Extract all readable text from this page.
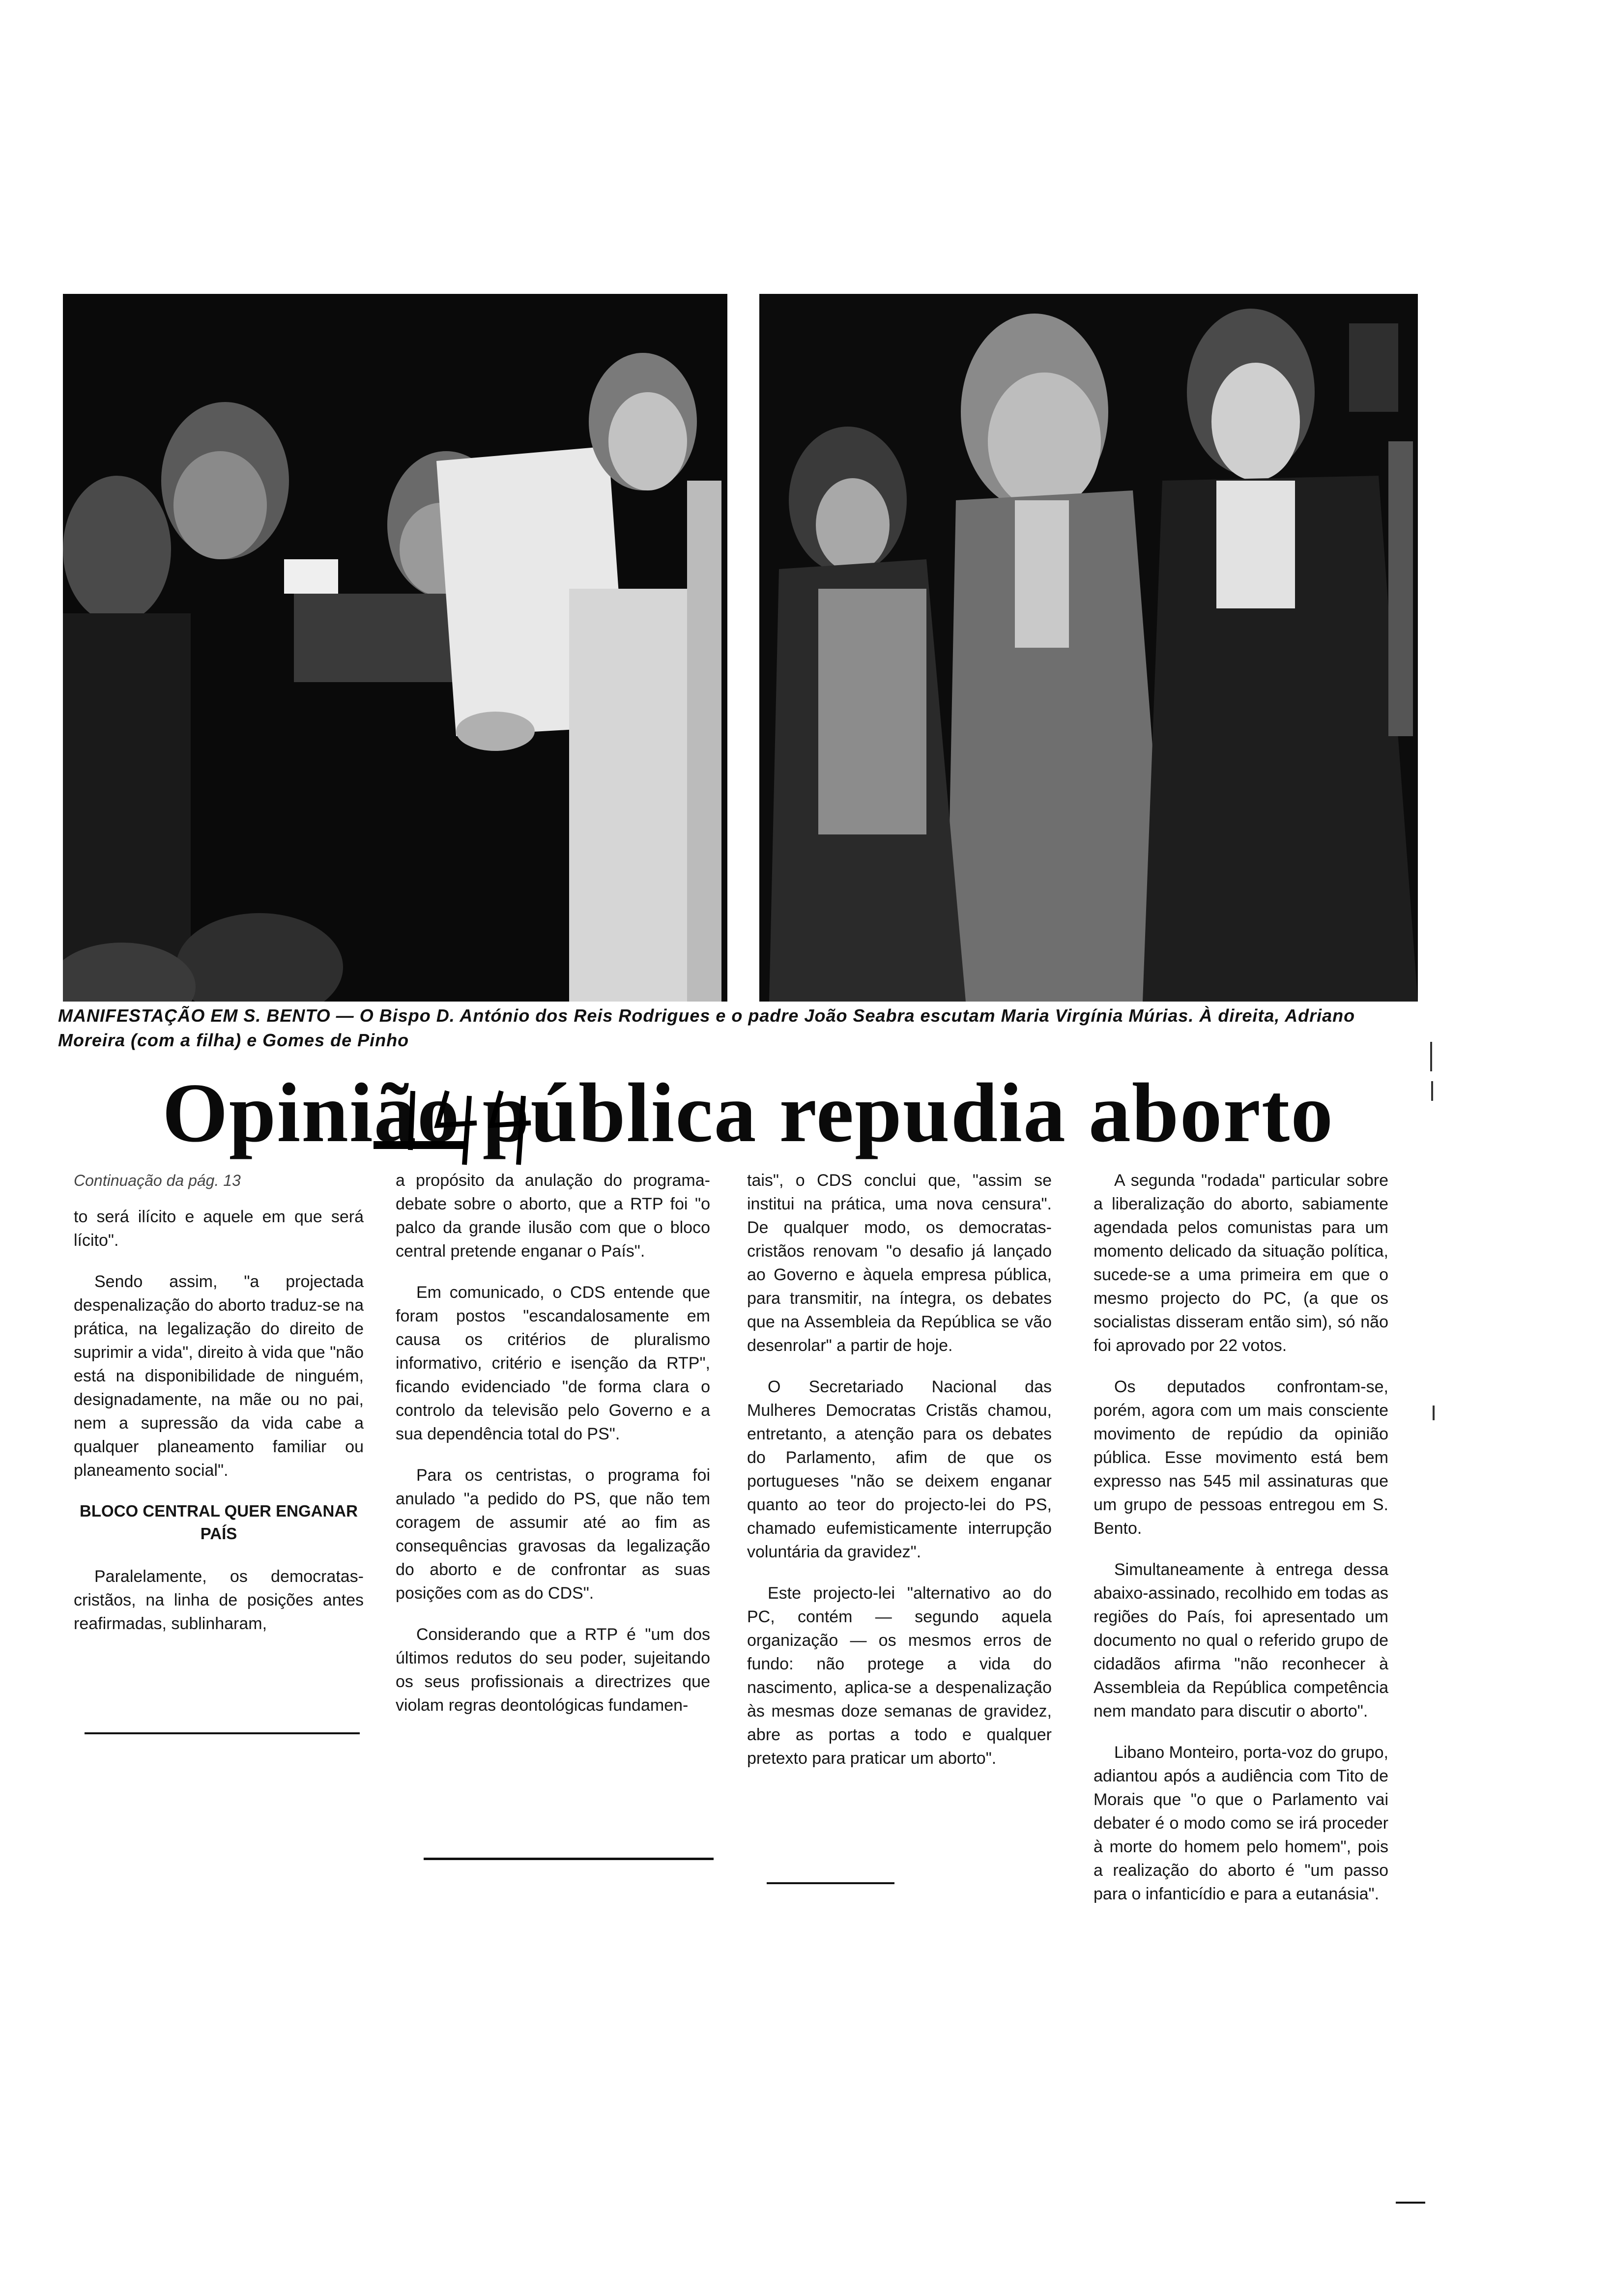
MANIFESTAÇÃO EM S. BENTO — O Bispo D. António dos Reis Rodrigues e o padre João Seabra escutam Maria Virgínia Múrias. À direita, Adriano Moreira (com a filha) e Gomes de Pinho
Opinião pública repudia aborto

Continuação da pág. 13

to será ilícito e aquele em que será lícito".

Sendo assim, "a projectada despenalização do aborto traduz-se na prática, na legalização do direito de suprimir a vida", direito à vida que "não está na disponibilidade de ninguém, designadamente, na mãe ou no pai, nem a supressão da vida cabe a qualquer planeamento familiar ou planeamento social".

BLOCO CENTRAL QUER ENGANAR PAÍS

Paralelamente, os democratas-cristãos, na linha de posições antes reafirmadas, sublinharam,

a propósito da anulação do programa-debate sobre o aborto, que a RTP foi "o palco da grande ilusão com que o bloco central pretende enganar o País".

Em comunicado, o CDS entende que foram postos "escandalosamente em causa os critérios de pluralismo informativo, critério e isenção da RTP", ficando evidenciado "de forma clara o controlo da televisão pelo Governo e a sua dependência total do PS".

Para os centristas, o programa foi anulado "a pedido do PS, que não tem coragem de assumir até ao fim as consequências gravosas da legalização do aborto e de confrontar as suas posições com as do CDS".

Considerando que a RTP é "um dos últimos redutos do seu poder, sujeitando os seus profissionais a directrizes que violam regras deontológicas fundamen-

tais", o CDS conclui que, "assim se institui na prática, uma nova censura". De qualquer modo, os democratas-cristãos renovam "o desafio já lançado ao Governo e àquela empresa pública, para transmitir, na íntegra, os debates que na Assembleia da República se vão desenrolar" a partir de hoje.

O Secretariado Nacional das Mulheres Democratas Cristãs chamou, entretanto, a atenção para os debates do Parlamento, afim de que os portugueses "não se deixem enganar quanto ao teor do projecto-lei do PS, chamado eufemisticamente interrupção voluntária da gravidez".

Este projecto-lei "alternativo ao do PC, contém — segundo aquela organização — os mesmos erros de fundo: não protege a vida do nascimento, aplica-se a despenalização às mesmas doze semanas de gravidez, abre as portas a todo e qualquer pretexto para praticar um aborto".

A segunda "rodada" particular sobre a liberalização do aborto, sabiamente agendada pelos comunistas para um momento delicado da situação política, sucede-se a uma primeira em que o mesmo projecto do PC, (a que os socialistas disseram então sim), só não foi aprovado por 22 votos.

Os deputados confrontam-se, porém, agora com um mais consciente movimento de repúdio da opinião pública. Esse movimento está bem expresso nas 545 mil assinaturas que um grupo de pessoas entregou em S. Bento.

Simultaneamente à entrega dessa abaixo-assinado, recolhido em todas as regiões do País, foi apresentado um documento no qual o referido grupo de cidadãos afirma "não reconhecer à Assembleia da República competência nem mandato para discutir o aborto".

Libano Monteiro, porta-voz do grupo, adiantou após a audiência com Tito de Morais que "o que o Parlamento vai debater é o modo como se irá proceder à morte do homem pelo homem", pois a realização do aborto é "um passo para o infanticídio e para a eutanásia".
